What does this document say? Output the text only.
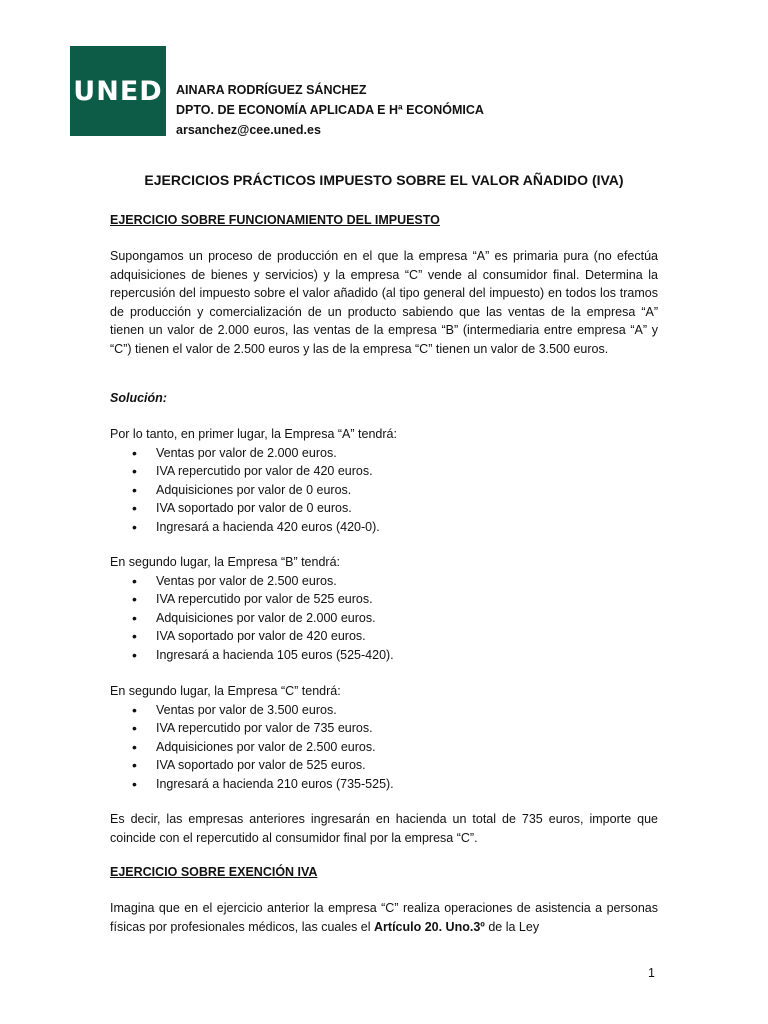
UNED AINARA RODRÍGUEZ SÁNCHEZ
DPTO. DE ECONOMÍA APLICADA E Hª ECONÓMICA
arsanchez@cee.uned.es
EJERCICIOS PRÁCTICOS IMPUESTO SOBRE EL VALOR AÑADIDO (IVA)
EJERCICIO SOBRE FUNCIONAMIENTO DEL IMPUESTO
Supongamos un proceso de producción en el que la empresa “A” es primaria pura (no efectúa adquisiciones de bienes y servicios) y la empresa “C” vende al consumidor final. Determina la repercusión del impuesto sobre el valor añadido (al tipo general del impuesto) en todos los tramos de producción y comercialización de un producto sabiendo que las ventas de la empresa “A” tienen un valor de 2.000 euros, las ventas de la empresa “B” (intermediaria entre empresa “A” y “C”) tienen el valor de 2.500 euros y las de la empresa “C” tienen un valor de 3.500 euros.
Solución:
Por lo tanto, en primer lugar, la Empresa “A” tendrá:
• Ventas por valor de 2.000 euros.
• IVA repercutido por valor de 420 euros.
• Adquisiciones por valor de 0 euros.
• IVA soportado por valor de 0 euros.
• Ingresará a hacienda 420 euros (420-0).
En segundo lugar, la Empresa “B” tendrá:
• Ventas por valor de 2.500 euros.
• IVA repercutido por valor de 525 euros.
• Adquisiciones por valor de 2.000 euros.
• IVA soportado por valor de 420 euros.
• Ingresará a hacienda 105 euros (525-420).
En segundo lugar, la Empresa “C” tendrá:
• Ventas por valor de 3.500 euros.
• IVA repercutido por valor de 735 euros.
• Adquisiciones por valor de 2.500 euros.
• IVA soportado por valor de 525 euros.
• Ingresará a hacienda 210 euros (735-525).
Es decir, las empresas anteriores ingresarán en hacienda un total de 735 euros, importe que coincide con el repercutido al consumidor final por la empresa “C”.
EJERCICIO SOBRE EXENCIÓN IVA
Imagina que en el ejercicio anterior la empresa “C” realiza operaciones de asistencia a personas físicas por profesionales médicos, las cuales el Artículo 20. Uno.3º de la Ley
1
